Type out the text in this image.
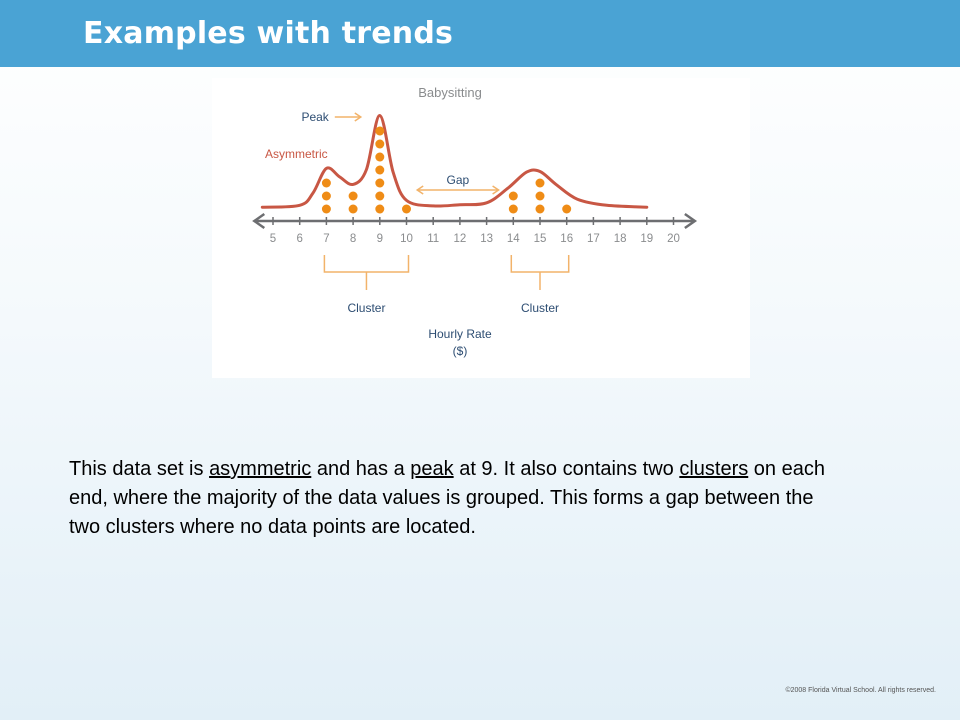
Examples with trends
Babysitting
5 6 7 8 9 10 11 12 13 14 15 16 17 18 19 20
Peak
Asymmetric
Gap
Cluster	Cluster
Hourly Rate
($)
This data set is asymmetric and has a peak at 9. It also contains two clusters on each end, where the majority of the data values is grouped. This forms a gap between the two clusters where no data points are located.
©2008 Florida Virtual School. All rights reserved.
